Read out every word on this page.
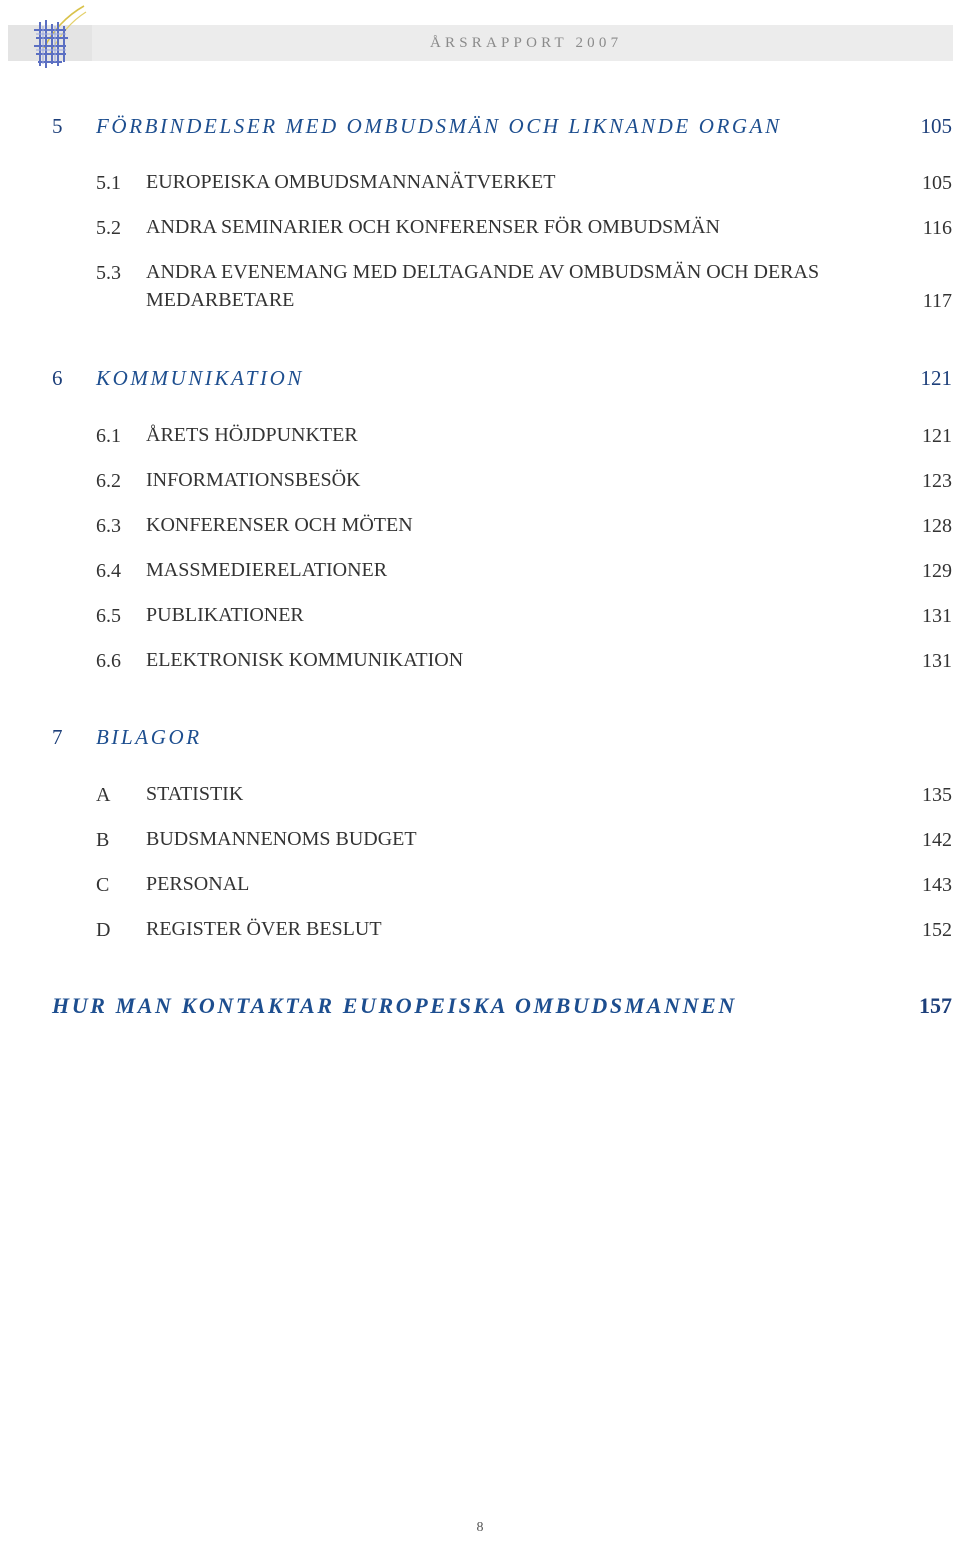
ÅRSRAPPORT 2007
5 FÖRBINDELSER MED OMBUDSMÄN OCH LIKNANDE ORGAN	105
5.1 EUROPEISKA OMBUDSMANNANÄTVERKET	105
5.2 ANDRA SEMINARIER OCH KONFERENSER FÖR OMBUDSMÄN	116
5.3 ANDRA EVENEMANG MED DELTAGANDE AV OMBUDSMÄN OCH DERAS
MEDARBETARE	117
6 KOMMUNIKATION	121
6.1 ÅRETS HÖJDPUNKTER	121
6.2 INFORMATIONSBESÖK	123
6.3 KONFERENSER OCH MÖTEN	128
6.4 MASSMEDIERELATIONER	129
6.5 PUBLIKATIONER	131
6.6 ELEKTRONISK KOMMUNIKATION	131
7 BILAGOR
A STATISTIK	135
B BUDSMANNENOMS BUDGET	142
C PERSONAL	143
D REGISTER ÖVER BESLUT	152
HUR MAN KONTAKTAR EUROPEISKA OMBUDSMANNEN	157
8
